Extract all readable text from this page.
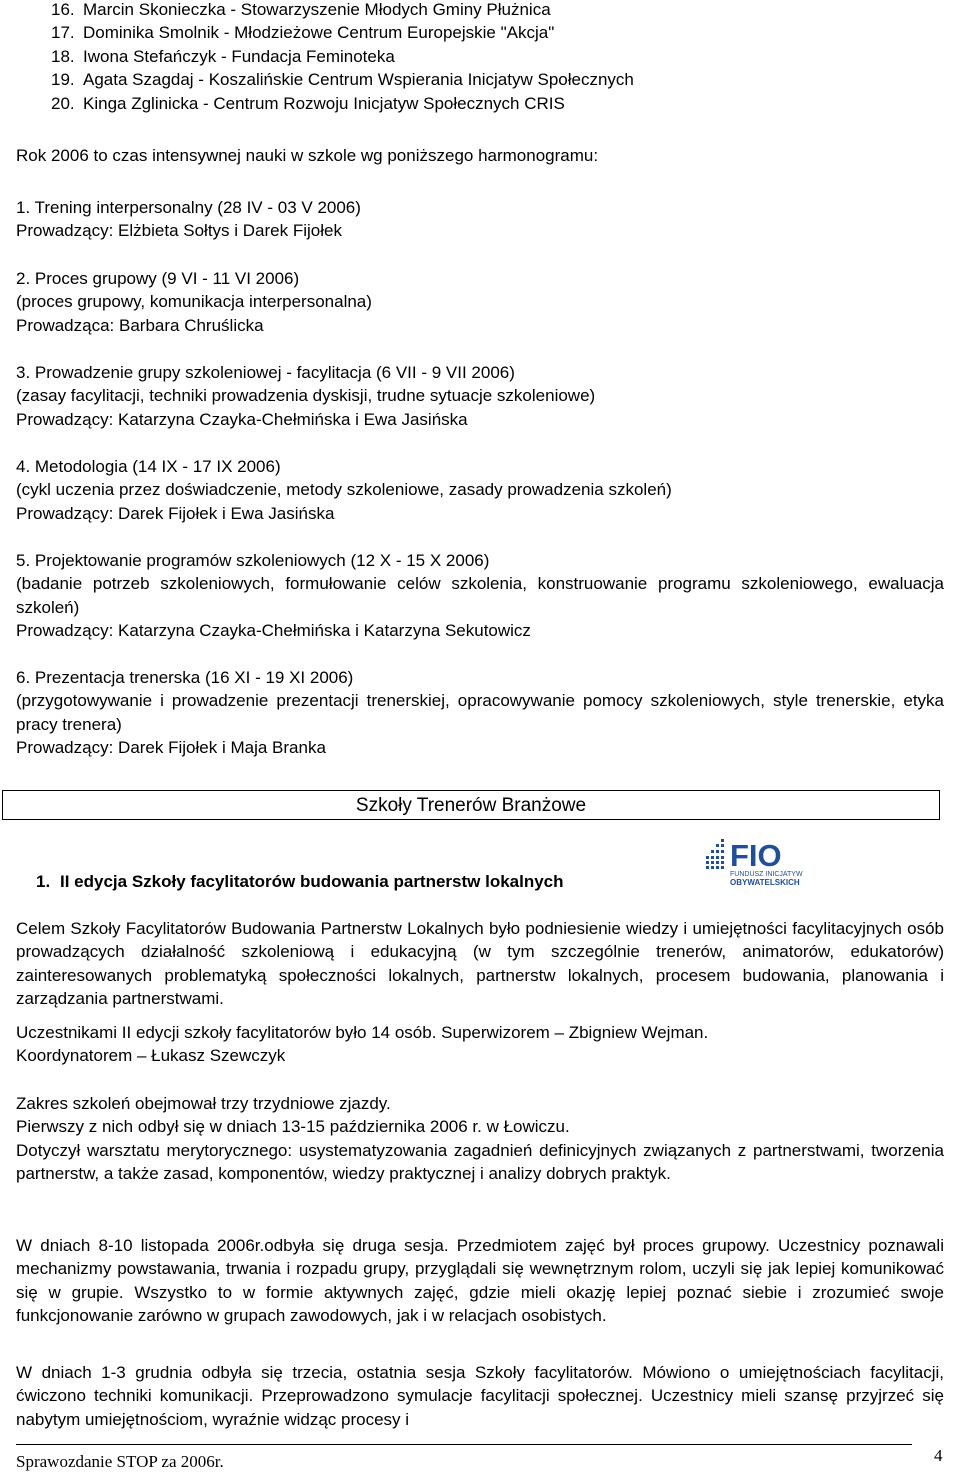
16. Marcin Skonieczka - Stowarzyszenie Młodych Gminy Płużnica
17. Dominika Smolnik - Młodzieżowe Centrum Europejskie "Akcja"
18. Iwona Stefańczyk - Fundacja Feminoteka
19. Agata Szagdaj - Koszalińskie Centrum Wspierania Inicjatyw Społecznych
20. Kinga Zglinicka - Centrum Rozwoju Inicjatyw Społecznych CRIS
Rok 2006 to czas intensywnej nauki w szkole wg poniższego harmonogramu:
1. Trening interpersonalny (28 IV - 03 V 2006)
Prowadzący: Elżbieta Sołtys i Darek Fijołek
2. Proces grupowy (9 VI - 11 VI 2006)
(proces grupowy, komunikacja interpersonalna)
Prowadząca: Barbara Chruślicka
3. Prowadzenie grupy szkoleniowej - facylitacja (6 VII - 9 VII 2006)
(zasay facylitacji, techniki prowadzenia dyskisji, trudne sytuacje szkoleniowe)
Prowadzący: Katarzyna Czayka-Chełmińska i Ewa Jasińska
4. Metodologia (14 IX - 17 IX 2006)
(cykl uczenia przez doświadczenie, metody szkoleniowe, zasady prowadzenia szkoleń)
Prowadzący: Darek Fijołek i Ewa Jasińska
5. Projektowanie programów szkoleniowych (12 X - 15 X 2006)
(badanie potrzeb szkoleniowych, formułowanie celów szkolenia, konstruowanie programu szkoleniowego, ewaluacja szkoleń)
Prowadzący: Katarzyna Czayka-Chełmińska i Katarzyna Sekutowicz
6. Prezentacja trenerska (16 XI - 19 XI 2006)
(przygotowywanie i prowadzenie prezentacji trenerskiej, opracowywanie pomocy szkoleniowych, style trenerskie, etyka pracy trenera)
Prowadzący: Darek Fijołek i Maja Branka
Szkoły Trenerów Branżowe
1. II edycja Szkoły facylitatorów budowania partnerstw lokalnych
FIO
FUNDUSZ INICJATYW
OBYWATELSKICH
Celem Szkoły Facylitatorów Budowania Partnerstw Lokalnych było podniesienie wiedzy i umiejętności facylitacyjnych osób prowadzących działalność szkoleniową i edukacyjną (w tym szczególnie trenerów, animatorów, edukatorów) zainteresowanych problematyką społeczności lokalnych, partnerstw lokalnych, procesem budowania, planowania i zarządzania partnerstwami.
Uczestnikami II edycji szkoły facylitatorów było 14 osób. Superwizorem – Zbigniew Wejman.
Koordynatorem – Łukasz Szewczyk
Zakres szkoleń obejmował trzy trzydniowe zjazdy.
Pierwszy z nich odbył się w dniach 13-15 października 2006 r. w Łowiczu.
Dotyczył warsztatu merytorycznego: usystematyzowania zagadnień definicyjnych związanych z partnerstwami, tworzenia partnerstw, a także zasad, komponentów, wiedzy praktycznej i analizy dobrych praktyk.
W dniach 8-10 listopada 2006r.odbyła się druga sesja. Przedmiotem zajęć był proces grupowy. Uczestnicy poznawali mechanizmy powstawania, trwania i rozpadu grupy, przyglądali się wewnętrznym rolom, uczyli się jak lepiej komunikować się w grupie. Wszystko to w formie aktywnych zajęć, gdzie mieli okazję lepiej poznać siebie i zrozumieć swoje funkcjonowanie zarówno w grupach zawodowych, jak i w relacjach osobistych.
W dniach 1-3 grudnia odbyła się trzecia, ostatnia sesja Szkoły facylitatorów. Mówiono o umiejętnościach facylitacji, ćwiczono techniki komunikacji. Przeprowadzono symulacje facylitacji społecznej. Uczestnicy mieli szansę przyjrzeć się nabytym umiejętnościom, wyraźnie widząc procesy i
Sprawozdanie STOP za 2006r.	4
